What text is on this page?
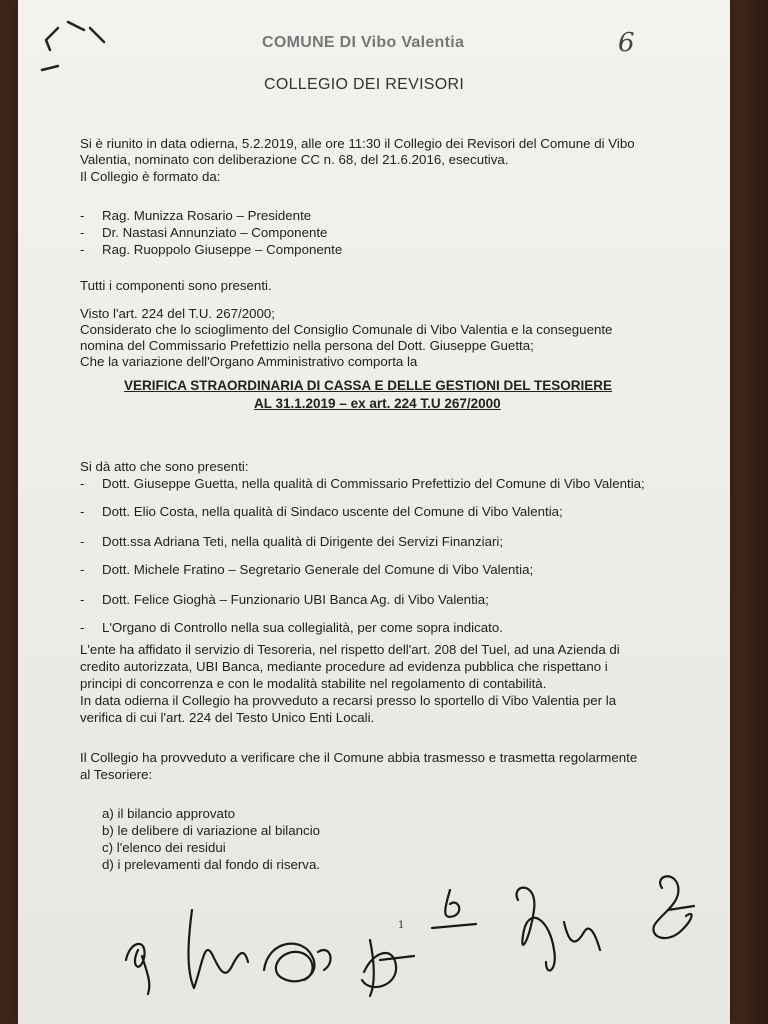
COMUNE DI Vibo Valentia	6
COLLEGIO DEI REVISORI
Si è riunito in data odierna, 5.2.2019, alle ore 11:30 il Collegio dei Revisori del Comune di Vibo
Valentia, nominato con deliberazione CC n. 68, del 21.6.2016, esecutiva.
Il Collegio è formato da:
- Rag. Munizza Rosario – Presidente
- Dr. Nastasi Annunziato – Componente
- Rag. Ruoppolo Giuseppe – Componente
Tutti i componenti sono presenti.
Visto l'art. 224 del T.U. 267/2000;
Considerato che lo scioglimento del Consiglio Comunale di Vibo Valentia e la conseguente
nomina del Commissario Prefettizio nella persona del Dott. Giuseppe Guetta;
Che la variazione dell'Organo Amministrativo comporta la
VERIFICA STRAORDINARIA DI CASSA E DELLE GESTIONI DEL TESORIERE
AL 31.1.2019 – ex art. 224 T.U 267/2000
Si dà atto che sono presenti:
- Dott. Giuseppe Guetta, nella qualità di Commissario Prefettizio del Comune di Vibo Valentia;
- Dott. Elio Costa, nella qualità di Sindaco uscente del Comune di Vibo Valentia;
- Dott.ssa Adriana Teti, nella qualità di Dirigente dei Servizi Finanziari;
- Dott. Michele Fratino – Segretario Generale del Comune di Vibo Valentia;
- Dott. Felice Gioghà – Funzionario UBI Banca Ag. di Vibo Valentia;
- L'Organo di Controllo nella sua collegialità, per come sopra indicato.
L'ente ha affidato il servizio di Tesoreria, nel rispetto dell'art. 208 del Tuel, ad una Azienda di
credito autorizzata, UBI Banca, mediante procedure ad evidenza pubblica che rispettano i
principi di concorrenza e con le modalità stabilite nel regolamento di contabilità.
In data odierna il Collegio ha provveduto a recarsi presso lo sportello di Vibo Valentia per la
verifica di cui l'art. 224 del Testo Unico Enti Locali.
Il Collegio ha provveduto a verificare che il Comune abbia trasmesso e trasmetta regolarmente
al Tesoriere:
a) il bilancio approvato
b) le delibere di variazione al bilancio
c) l'elenco dei residui
d) i prelevamenti dal fondo di riserva.
1
